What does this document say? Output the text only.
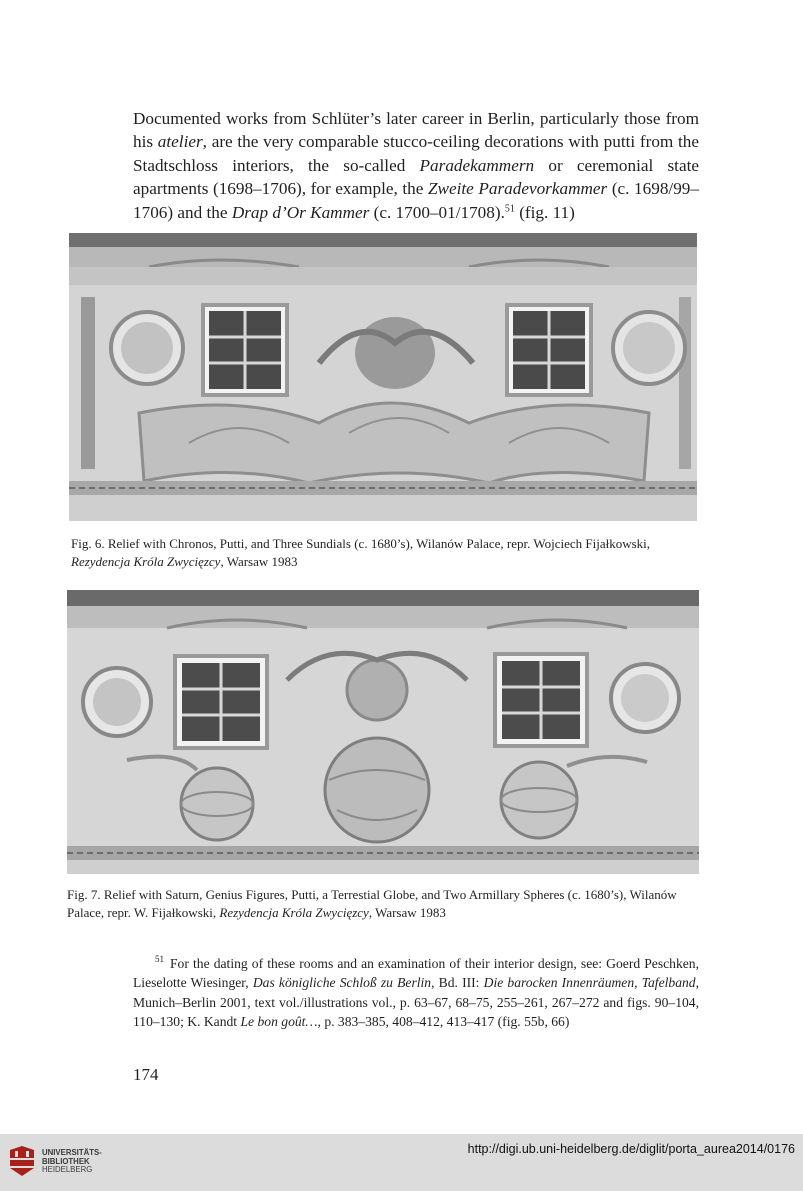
Documented works from Schlüter’s later career in Berlin, particularly those from his atelier, are the very comparable stucco-ceiling decorations with putti from the Stadtschloss interiors, the so-called Paradekammern or ceremonial state apartments (1698–1706), for example, the Zweite Paradevorkammer (c. 1698/99–1706) and the Drap d’Or Kammer (c. 1700–01/1708).$^{51}$ (fig. 11)

Fig. 6. Relief with Chronos, Putti, and Three Sundials (c. 1680’s), Wilanów Palace, repr. Wojciech Fijałkowski, Rezydencja Króla Zwycięzcy, Warsaw 1983

Fig. 7. Relief with Saturn, Genius Figures, Putti, a Terrestial Globe, and Two Armillary Spheres (c. 1680’s), Wilanów Palace, repr. W. Fijałkowski, Rezydencja Króla Zwycięzcy, Warsaw 1983

$^{51}$ For the dating of these rooms and an examination of their interior design, see: Goerd Peschken, Lieselotte Wiesinger, Das königliche Schloß zu Berlin, Bd. III: Die barocken Innenräumen, Tafelband, Munich–Berlin 2001, text vol./illustrations vol., p. 63–67, 68–75, 255–261, 267–272 and figs. 90–104, 110–130; K. Kandt Le bon goût…, p. 383–385, 408–412, 413–417 (fig. 55b, 66)

174
UNIVERSITÄTS-
BIBLIOTHEK
HEIDELBERG
http://digi.ub.uni-heidelberg.de/diglit/porta_aurea2014/0176
